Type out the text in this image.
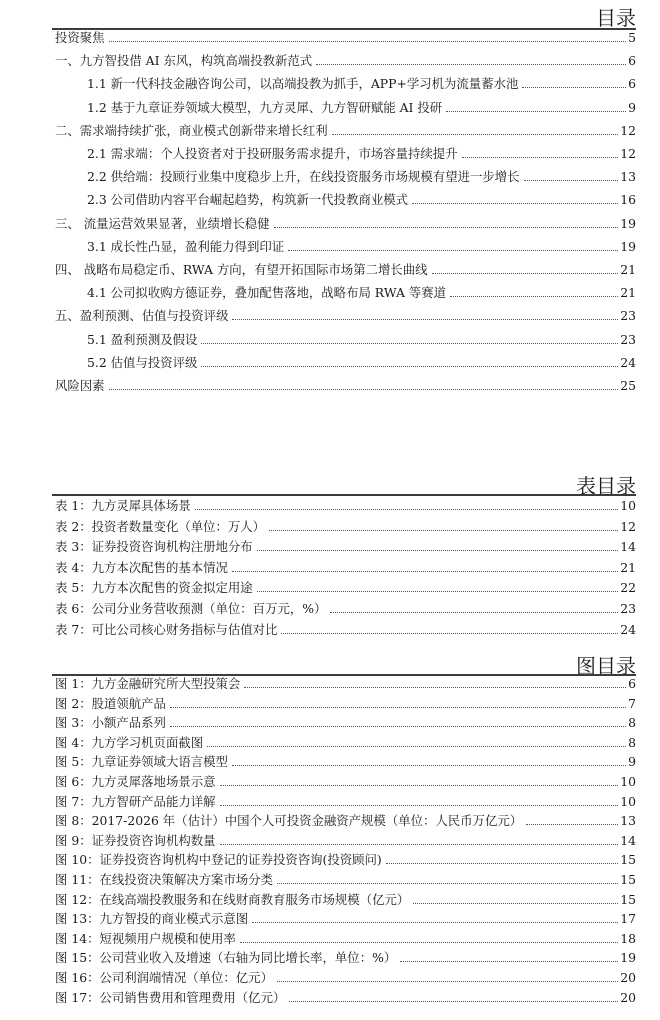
目录
投资聚焦	5
一、九方智投借 AI 东风，构筑高端投教新范式	6
1.1 新一代科技金融咨询公司，以高端投教为抓手，APP+学习机为流量蓄水池	6
1.2 基于九章证券领域大模型，九方灵犀、九方智研赋能 AI 投研	9
二、需求端持续扩张，商业模式创新带来增长红利	12
2.1 需求端：个人投资者对于投研服务需求提升，市场容量持续提升	12
2.2 供给端：投顾行业集中度稳步上升，在线投资服务市场规模有望进一步增长	13
2.3 公司借助内容平台崛起趋势，构筑新一代投教商业模式	16
三、 流量运营效果显著，业绩增长稳健	19
3.1 成长性凸显，盈利能力得到印证	19
四、 战略布局稳定币、RWA 方向，有望开拓国际市场第二增长曲线	21
4.1 公司拟收购方德证券，叠加配售落地，战略布局 RWA 等赛道	21
五、盈利预测、估值与投资评级	23
5.1 盈利预测及假设	23
5.2 估值与投资评级	24
风险因素	25
表目录
表 1：九方灵犀具体场景	10
表 2：投资者数量变化（单位：万人）	12
表 3：证券投资咨询机构注册地分布	14
表 4：九方本次配售的基本情况	21
表 5：九方本次配售的资金拟定用途	22
表 6：公司分业务营收预测（单位：百万元，%）	23
表 7：可比公司核心财务指标与估值对比	24
图目录
图 1：九方金融研究所大型投策会	6
图 2：股道领航产品	7
图 3：小额产品系列	8
图 4：九方学习机页面截图	8
图 5：九章证券领域大语言模型	9
图 6：九方灵犀落地场景示意	10
图 7：九方智研产品能力详解	10
图 8：2017-2026 年（估计）中国个人可投资金融资产规模（单位：人民币万亿元）	13
图 9：证券投资咨询机构数量	14
图 10：证券投资咨询机构中登记的证券投资咨询(投资顾问)	15
图 11：在线投资决策解决方案市场分类	15
图 12：在线高端投教服务和在线财商教育服务市场规模（亿元）	15
图 13：九方智投的商业模式示意图	17
图 14：短视频用户规模和使用率	18
图 15：公司营业收入及增速（右轴为同比增长率，单位：%）	19
图 16：公司利润端情况（单位：亿元）	20
图 17：公司销售费用和管理费用（亿元）	20
